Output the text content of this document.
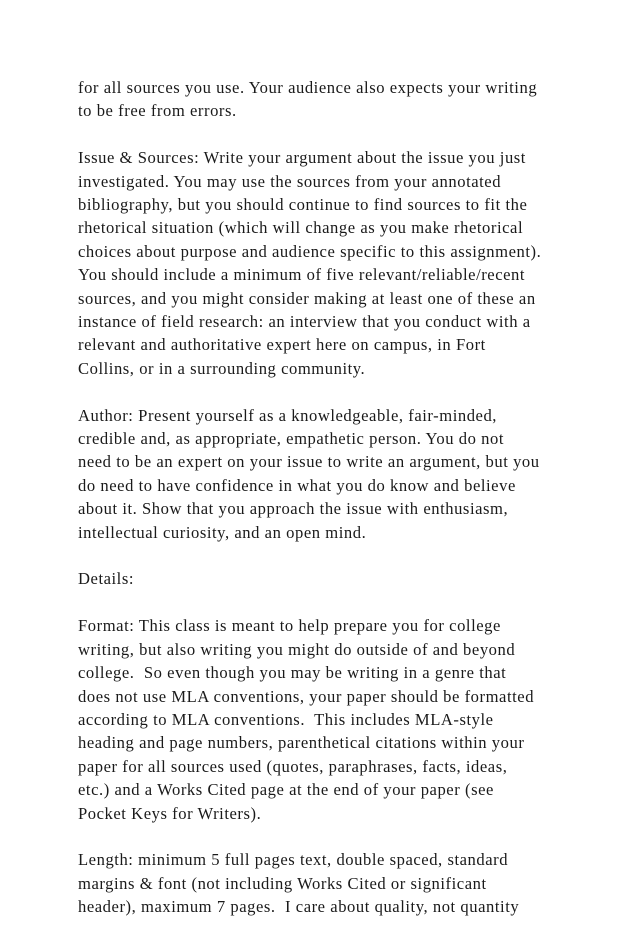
for all sources you use. Your audience also expects your writing
to be free from errors.

Issue & Sources: Write your argument about the issue you just
investigated. You may use the sources from your annotated
bibliography, but you should continue to find sources to fit the
rhetorical situation (which will change as you make rhetorical
choices about purpose and audience specific to this assignment).
You should include a minimum of five relevant/reliable/recent
sources, and you might consider making at least one of these an
instance of field research: an interview that you conduct with a
relevant and authoritative expert here on campus, in Fort
Collins, or in a surrounding community.

Author: Present yourself as a knowledgeable, fair-minded,
credible and, as appropriate, empathetic person. You do not
need to be an expert on your issue to write an argument, but you
do need to have confidence in what you do know and believe
about it. Show that you approach the issue with enthusiasm,
intellectual curiosity, and an open mind.

Details:

Format: This class is meant to help prepare you for college
writing, but also writing you might do outside of and beyond
college.  So even though you may be writing in a genre that
does not use MLA conventions, your paper should be formatted
according to MLA conventions.  This includes MLA-style
heading and page numbers, parenthetical citations within your
paper for all sources used (quotes, paraphrases, facts, ideas,
etc.) and a Works Cited page at the end of your paper (see
Pocket Keys for Writers).

Length: minimum 5 full pages text, double spaced, standard
margins & font (not including Works Cited or significant
header), maximum 7 pages.  I care about quality, not quantity
